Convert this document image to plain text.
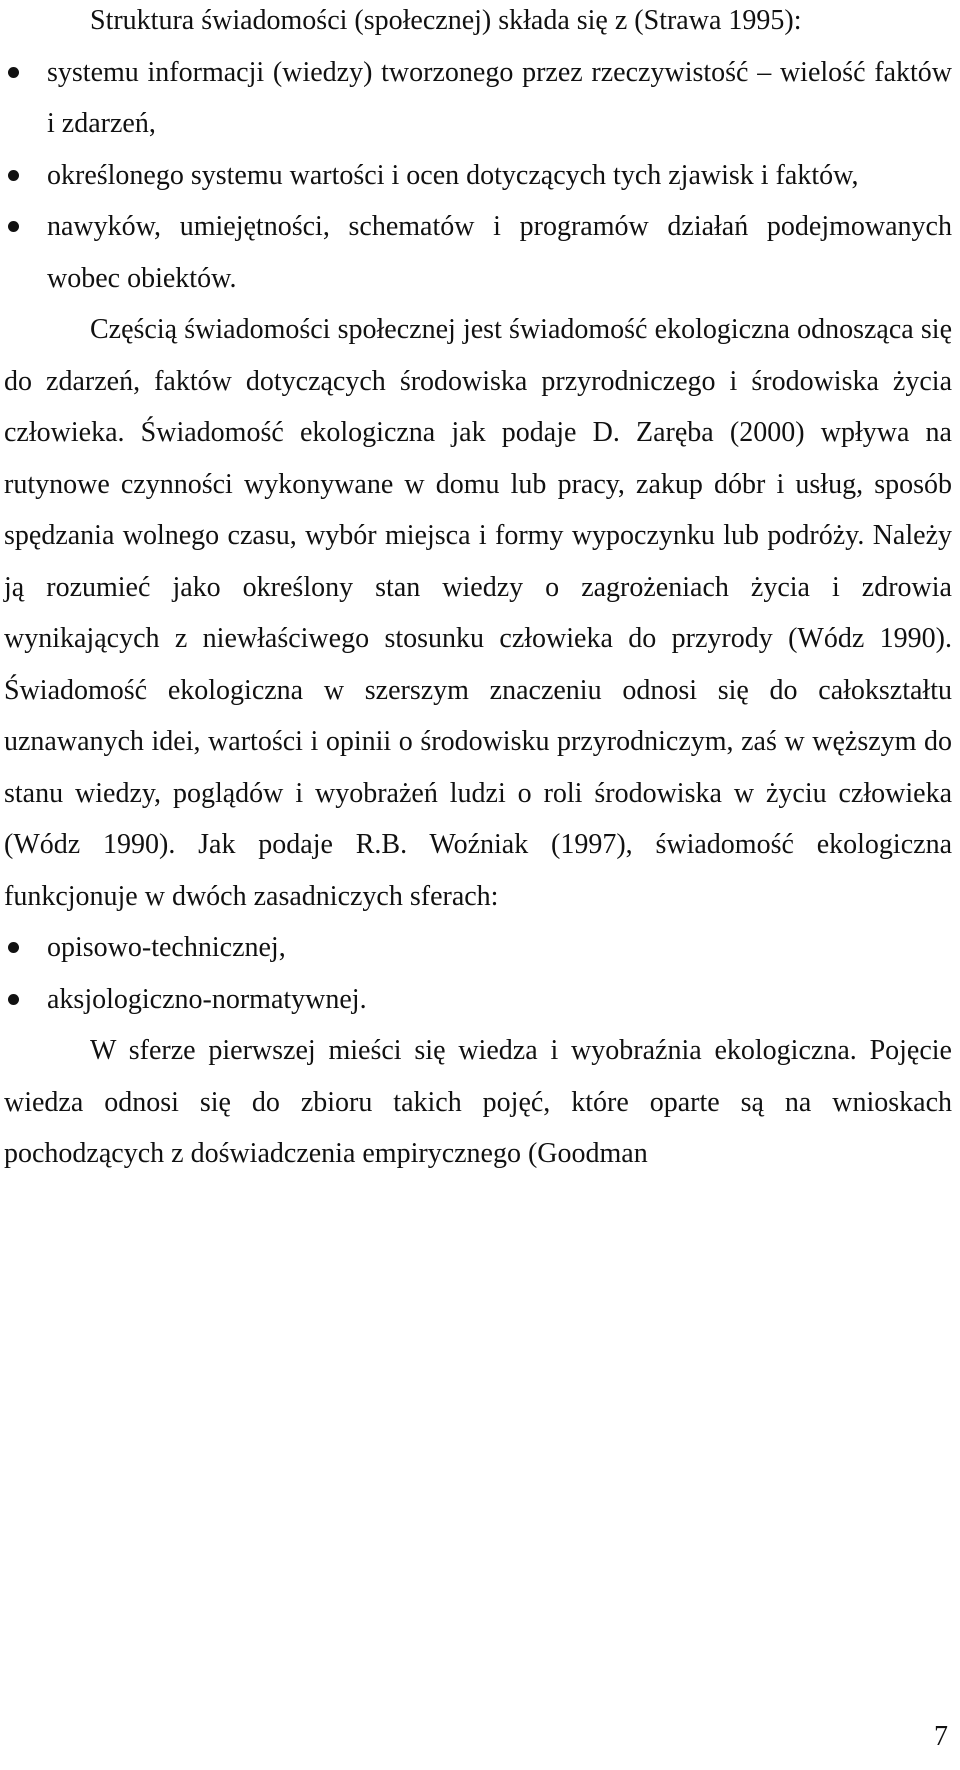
Struktura świadomości (społecznej) składa się z (Strawa 1995):

systemu informacji (wiedzy) tworzonego przez rzeczywistość – wielość faktów i zdarzeń,
określonego systemu wartości i ocen dotyczących tych zjawisk i faktów,
nawyków, umiejętności, schematów i programów działań podejmowanych wobec obiektów.

Częścią świadomości społecznej jest świadomość ekologiczna odnosząca się do zdarzeń, faktów dotyczących środowiska przyrodniczego i środowiska życia człowieka. Świadomość ekologiczna jak podaje D. Zaręba (2000) wpływa na rutynowe czynności wykonywane w domu lub pracy, zakup dóbr i usług, sposób spędzania wolnego czasu, wybór miejsca i formy wypoczynku lub podróży. Należy ją rozumieć jako określony stan wiedzy o zagrożeniach życia i zdrowia wynikających z niewłaściwego stosunku człowieka do przyrody (Wódz 1990). Świadomość ekologiczna w szerszym znaczeniu odnosi się do całokształtu uznawanych idei, wartości i opinii o środowisku przyrodniczym, zaś w węższym do stanu wiedzy, poglądów i wyobrażeń ludzi o roli środowiska w życiu człowieka (Wódz 1990). Jak podaje R.B. Woźniak (1997), świadomość ekologiczna funkcjonuje w dwóch zasadniczych sferach:

opisowo-technicznej,
aksjologiczno-normatywnej.

W sferze pierwszej mieści się wiedza i wyobraźnia ekologiczna. Pojęcie wiedza odnosi się do zbioru takich pojęć, które oparte są na wnioskach pochodzących z doświadczenia empirycznego (Goodman

7
